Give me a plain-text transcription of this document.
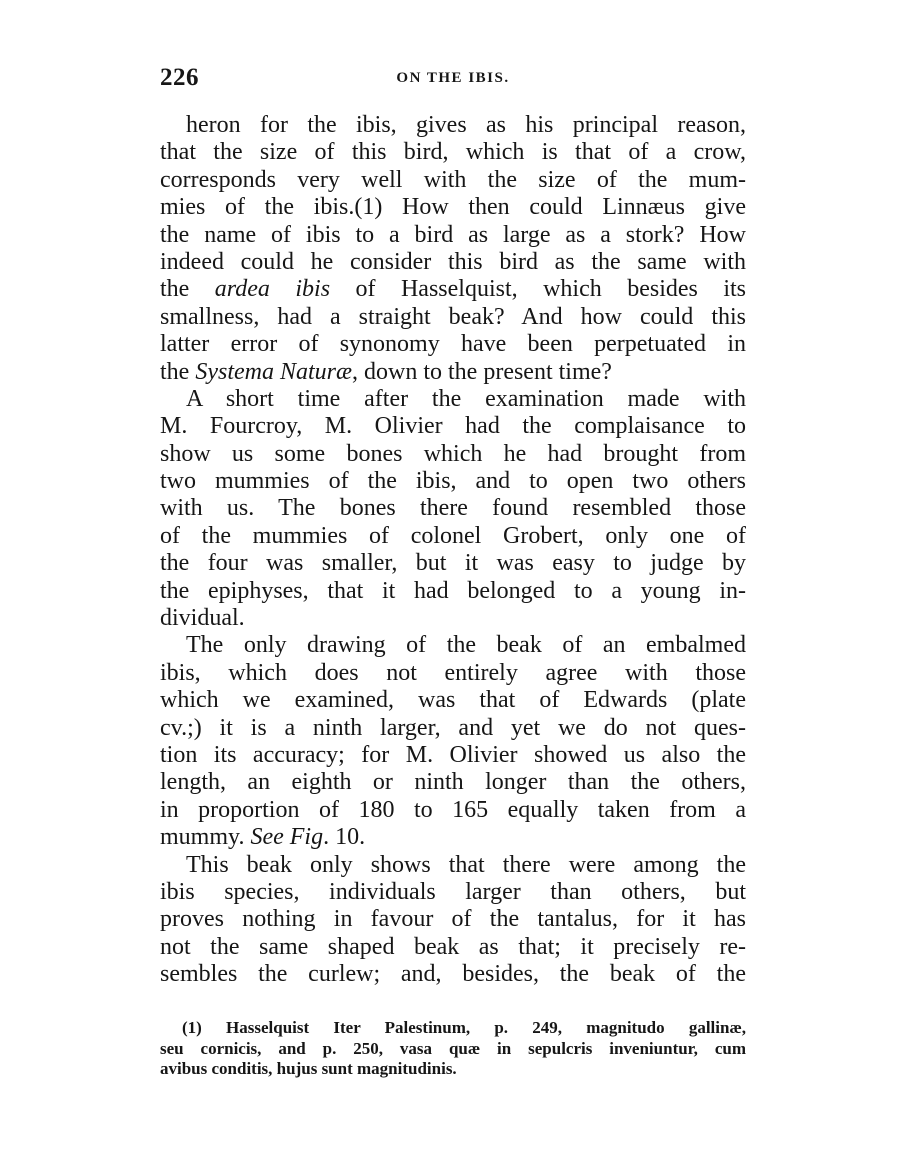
226	ON THE IBIS.
heron for the ibis, gives as his principal reason,
that the size of this bird, which is that of a crow,
corresponds very well with the size of the mum-
mies of the ibis.(1) How then could Linnæus give
the name of ibis to a bird as large as a stork? How
indeed could he consider this bird as the same with
the ardea ibis of Hasselquist, which besides its
smallness, had a straight beak? And how could this
latter error of synonomy have been perpetuated in
the Systema Naturæ, down to the present time?
A short time after the examination made with
M. Fourcroy, M. Olivier had the complaisance to
show us some bones which he had brought from
two mummies of the ibis, and to open two others
with us. The bones there found resembled those
of the mummies of colonel Grobert, only one of
the four was smaller, but it was easy to judge by
the epiphyses, that it had belonged to a young in-
dividual.
The only drawing of the beak of an embalmed
ibis, which does not entirely agree with those
which we examined, was that of Edwards (plate
cv.;) it is a ninth larger, and yet we do not ques-
tion its accuracy; for M. Olivier showed us also the
length, an eighth or ninth longer than the others,
in proportion of 180 to 165 equally taken from a
mummy. See Fig. 10.
This beak only shows that there were among the
ibis species, individuals larger than others, but
proves nothing in favour of the tantalus, for it has
not the same shaped beak as that; it precisely re-
sembles the curlew; and, besides, the beak of the
(1) Hasselquist Iter Palestinum, p. 249, magnitudo gallinæ,
seu cornicis, and p. 250, vasa quæ in sepulcris inveniuntur, cum
avibus conditis, hujus sunt magnitudinis.
